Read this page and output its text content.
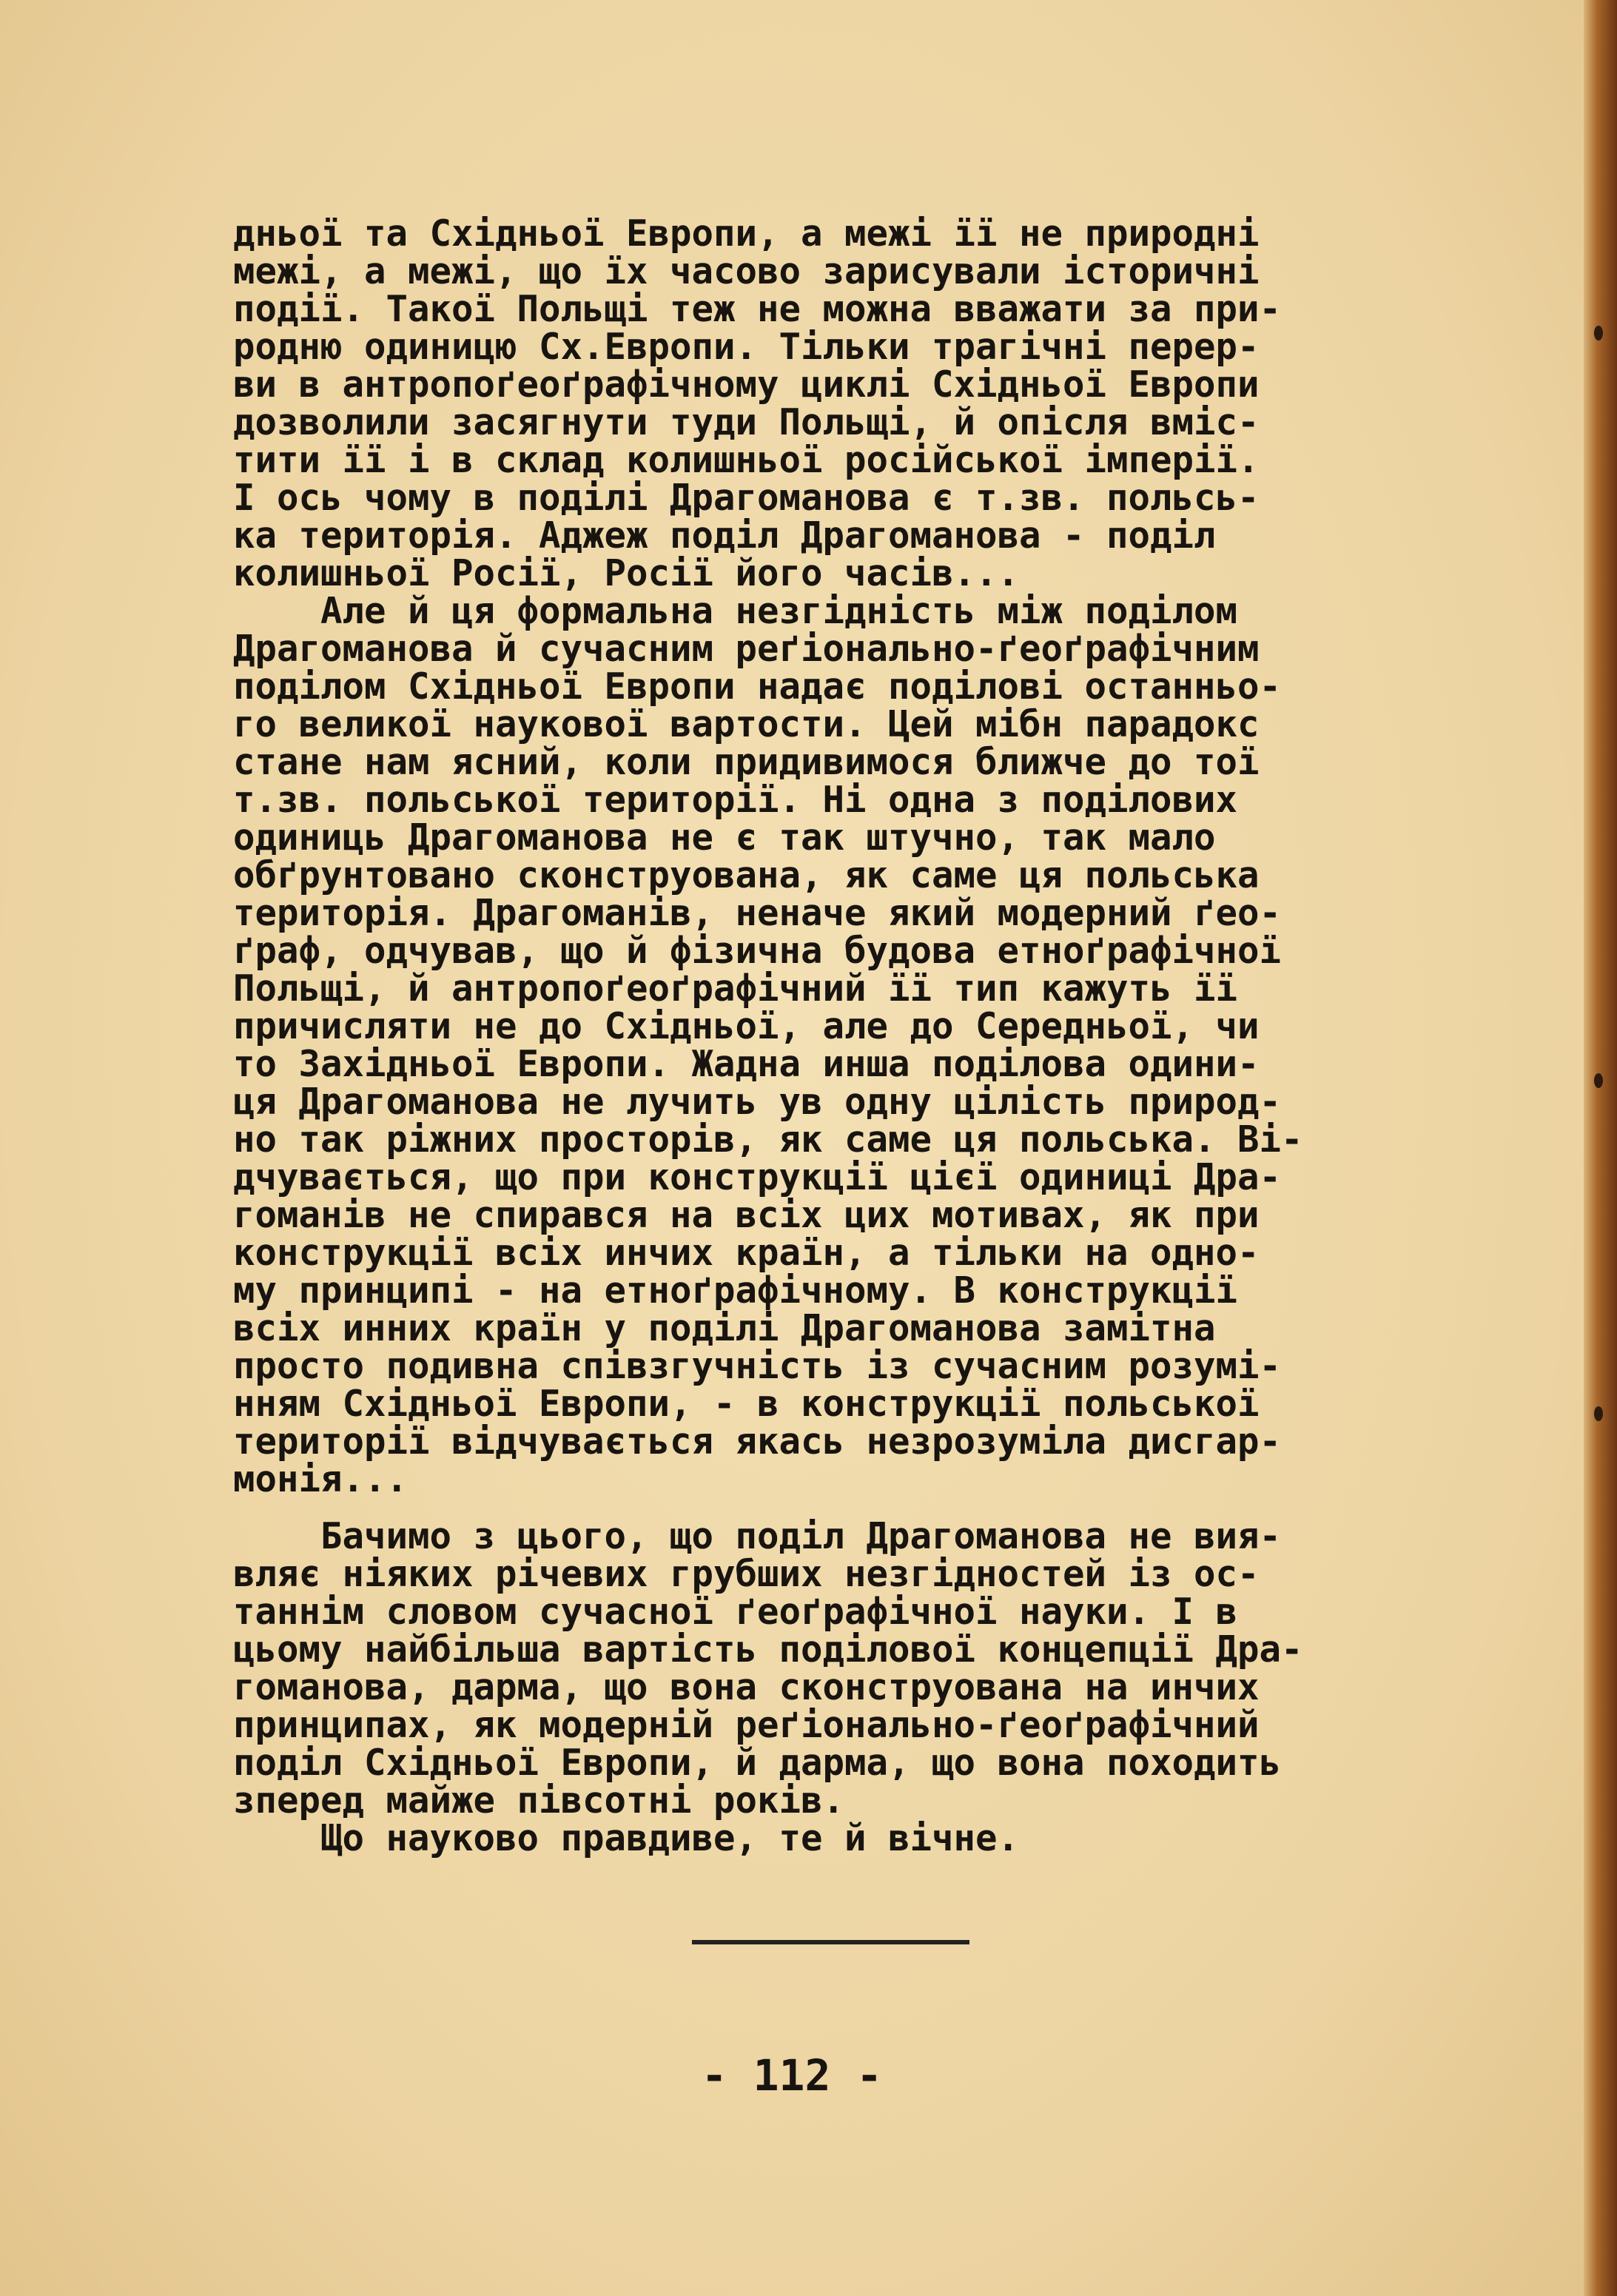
дньої та Східньої Европи, а межі її не природні
межі, а межі, що їх часово зарисували історичні
події. Такої Польщі теж не можна вважати за при-
родню одиницю Сх.Европи. Тільки трагічні перер-
ви в антропоґеоґрафічному циклі Східньої Европи
дозволили засягнути туди Польщі, й опісля вміс-
тити її і в склад колишньої російської імперії.
І ось чому в поділі Драгоманова є т.зв. польсь-
ка територія. Аджеж поділ Драгоманова - поділ
колишньої Росії, Росії його часів...
Але й ця формальна незгідність між поділом
Драгоманова й сучасним реґіонально-ґеоґрафічним
поділом Східньої Европи надає поділові останньо-
го великої наукової вартости. Цей мібн парадокс
стане нам ясний, коли придивимося ближче до тої
т.зв. польської території. Ні одна з поділових
одиниць Драгоманова не є так штучно, так мало
обґрунтовано сконструована, як саме ця польська
територія. Драгоманів, неначе який модерний ґео-
ґраф, одчував, що й фізична будова етноґрафічної
Польщі, й антропоґеоґрафічний її тип кажуть її
причисляти не до Східньої, але до Середньої, чи
то Західньої Европи. Жадна инша поділова одини-
ця Драгоманова не лучить ув одну цілість природ-
но так ріжних просторів, як саме ця польська. Ві-
дчувається, що при конструкції цієї одиниці Дра-
гоманів не спирався на всіх цих мотивах, як при
конструкції всіх инчих країн, а тільки на одно-
му принципі - на етноґрафічному. В конструкції
всіх инних країн у поділі Драгоманова замітна
просто подивна співзгучність із сучасним розумі-
нням Східньої Европи, - в конструкції польської
території відчувається якась незрозуміла дисгар-
монія...
Бачимо з цього, що поділ Драгоманова не вия-
вляє ніяких річевих грубших незгідностей із ос-
таннім словом сучасної ґеоґрафічної науки. І в
цьому найбільша вартість поділової концепції Дра-
гоманова, дарма, що вона сконструована на инчих
принципах, як модерній реґіонально-ґеоґрафічний
поділ Східньої Европи, й дарма, що вона походить
зперед майже півсотні років.
Що науково правдиве, те й вічне.
- 112 -
